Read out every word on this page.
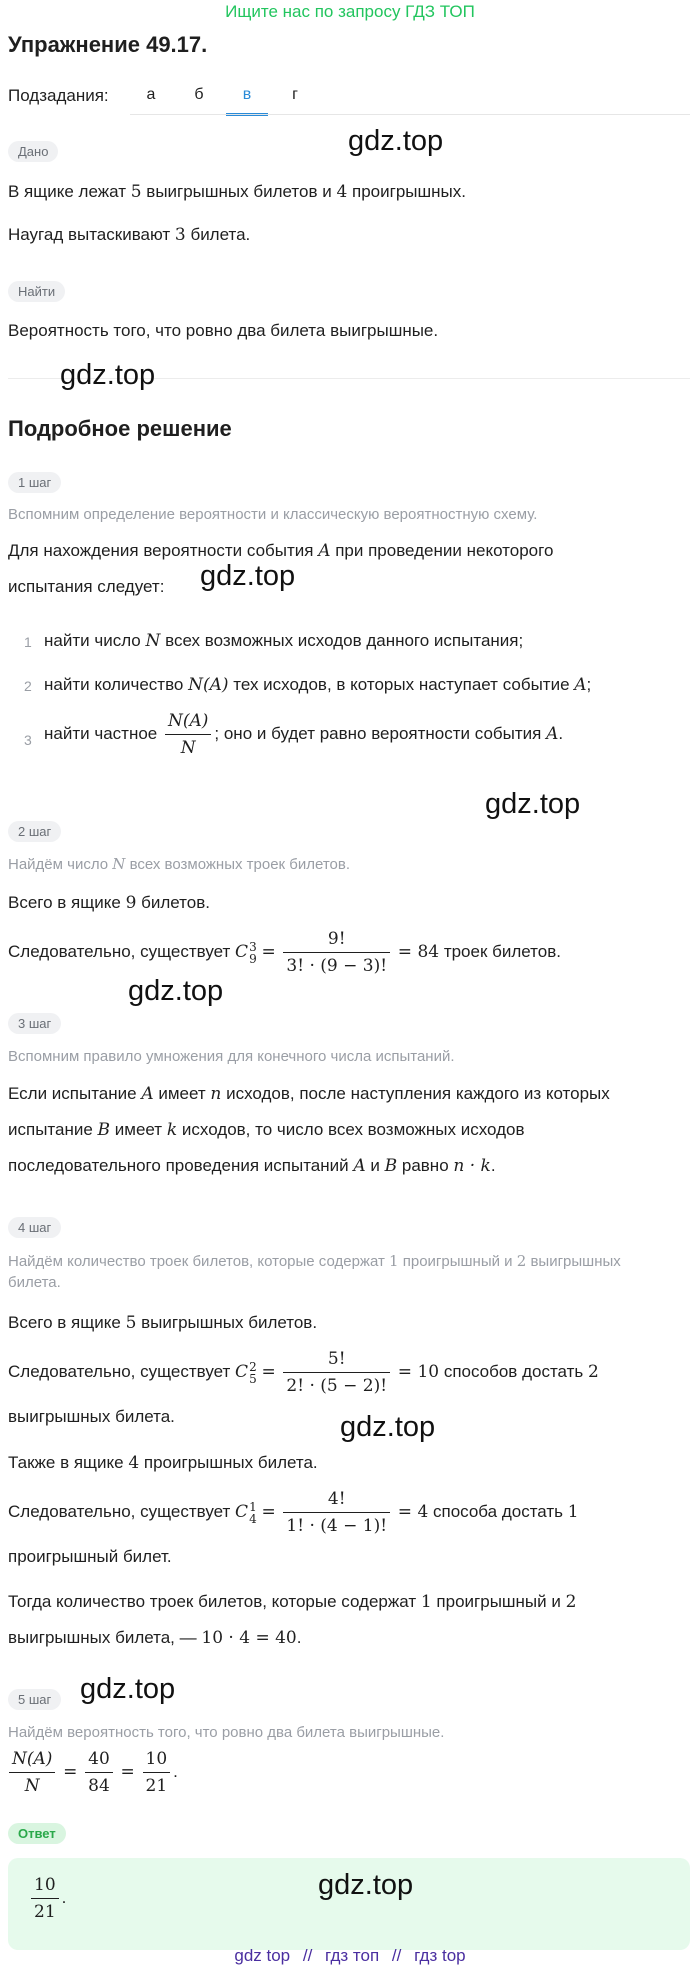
Ищите нас по запросу ГДЗ ТОП
Упражнение 49.17.
Подзадания:	а	б	в	г
Дано	gdz.top
В ящике лежат 5 выигрышных билетов и 4 проигрышных.
Наугад вытаскивают 3 билета.
Найти
Вероятность того, что ровно два билета выигрышные.
gdz.top
Подробное решение
1 шаг
Вспомним определение вероятности и классическую вероятностную схему.
Для нахождения вероятности события A при проведении некоторого
испытания следует: gdz.top
1 найти число N всех возможных исходов данного испытания;
2 найти количество N(A) тех исходов, в которых наступает событие A;
3 найти частное $\frac{N(A)}{N}$ ; оно и будет равно вероятности события A.
gdz.top
2 шаг
Найдём число N всех возможных троек билетов.
Всего в ящике 9 билетов.
Следовательно, существует C 3
$9 = \frac{9!}{3! \cdot (9 - 3)!} = 84$ троек билетов.
gdz.top
3 шаг
Вспомним правило умножения для конечного числа испытаний.
Если испытание A имеет n исходов, после наступления каждого из которых
испытание B имеет k исходов, то число всех возможных исходов
последовательного проведения испытаний A и B равно n · k.
4 шаг
Найдём количество троек билетов, которые содержат 1 проигрышный и 2 выигрышных
билета.
Всего в ящике 5 выигрышных билетов.
Следовательно, существует C 2
$5 = \frac{5!}{2! \cdot (5 - 2)!} = 10$ способов достать 2
выигрышных билета.	gdz.top
Также в ящике 4 проигрышных билета.
Следовательно, существует C 1
$4 = \frac{4!}{1! \cdot (4 - 1)!} = 4$ способа достать 1
проигрышный билет.
Тогда количество троек билетов, которые содержат 1 проигрышный и 2
выигрышных билета, — 10 · 4 = 40.
5 шаг gdz.top
Найдём вероятность того, что ровно два билета выигрышные.
$\frac{N(A)}{N} = \frac{40}{84} = \frac{10}{21}$ .
Ответ
$\frac{10}{21}$ .	gdz.top
gdz top // гдз топ // гдз top
